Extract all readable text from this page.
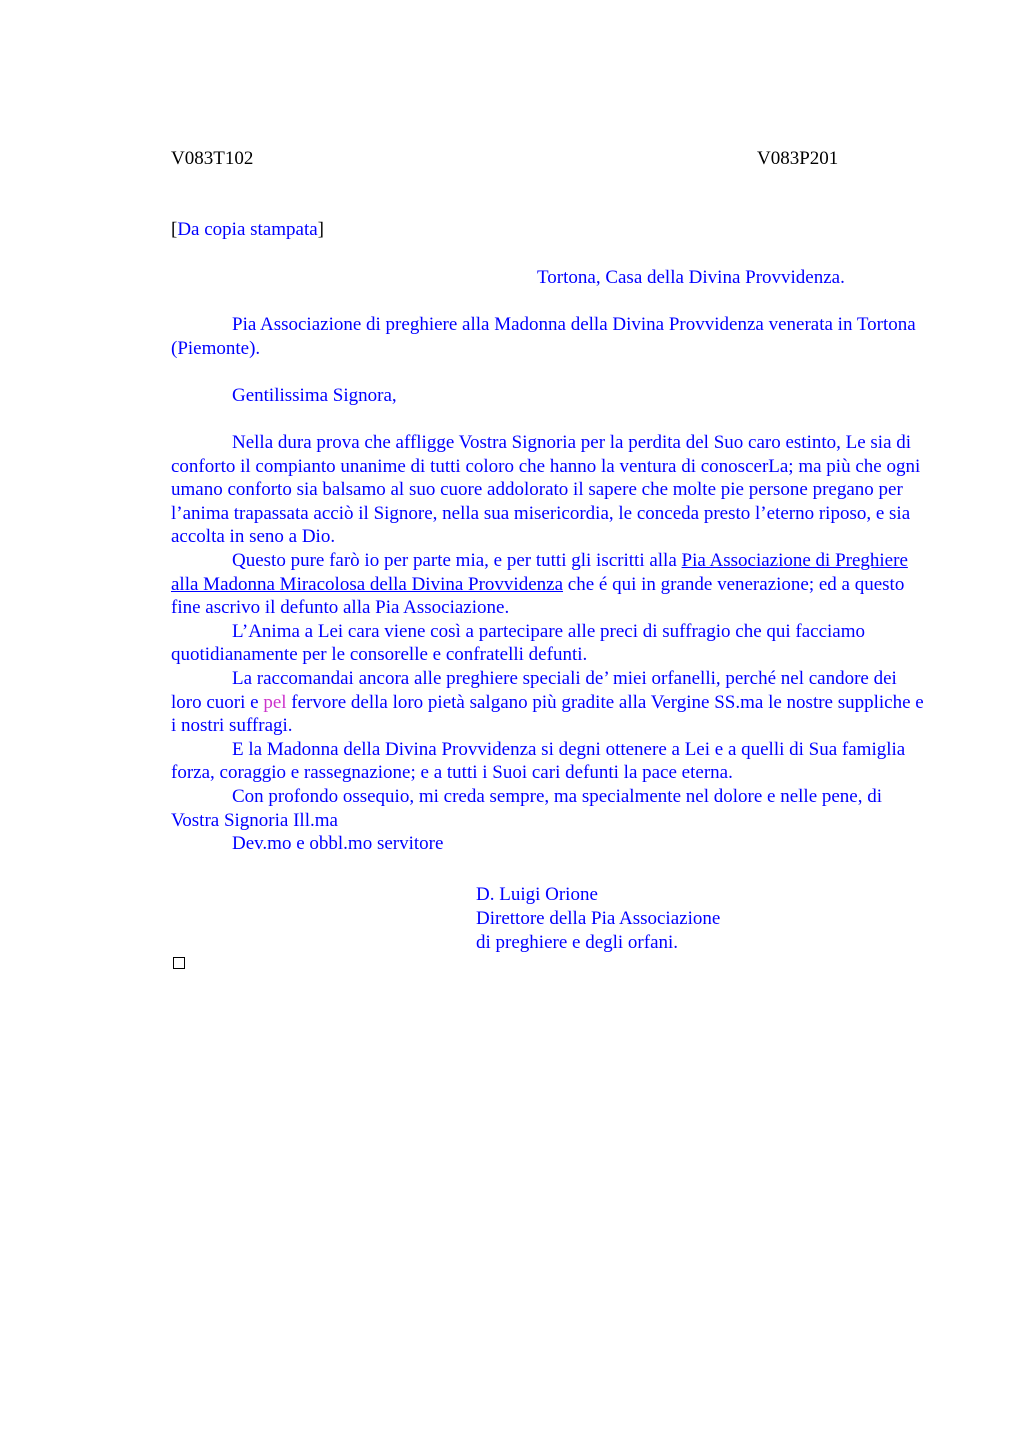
V083T102	V083P201
[Da copia stampata]
Tortona, Casa della Divina Provvidenza.
Pia Associazione di preghiere alla Madonna della Divina Provvidenza venerata in Tortona (Piemonte).
Gentilissima Signora,
Nella dura prova che affligge Vostra Signoria per la perdita del Suo caro estinto, Le sia di conforto il compianto unanime di tutti coloro che hanno la ventura di conoscerLa; ma più che ogni umano conforto sia balsamo al suo cuore addolorato il sapere che molte pie persone pregano per l’anima trapassata acciò il Signore, nella sua misericordia, le conceda presto l’eterno riposo, e sia accolta in seno a Dio.
Questo pure farò io per parte mia, e per tutti gli iscritti alla Pia Associazione di Preghiere alla Madonna Miracolosa della Divina Provvidenza che é qui in grande venerazione; ed a questo fine ascrivo il defunto alla Pia Associazione.
L’Anima a Lei cara viene così a partecipare alle preci di suffragio che qui facciamo quotidianamente per le consorelle e confratelli defunti.
La raccomandai ancora alle preghiere speciali de’ miei orfanelli, perché nel candore dei loro cuori e pel fervore della loro pietà salgano più gradite alla Vergine SS.ma le nostre suppliche e i nostri suffragi.
E la Madonna della Divina Provvidenza si degni ottenere a Lei e a quelli di Sua famiglia forza, coraggio e rassegnazione; e a tutti i Suoi cari defunti la pace eterna.
Con profondo ossequio, mi creda sempre, ma specialmente nel dolore e nelle pene, di Vostra Signoria Ill.ma
Dev.mo e obbl.mo servitore
D. Luigi Orione
Direttore della Pia Associazione
di preghiere e degli orfani.
